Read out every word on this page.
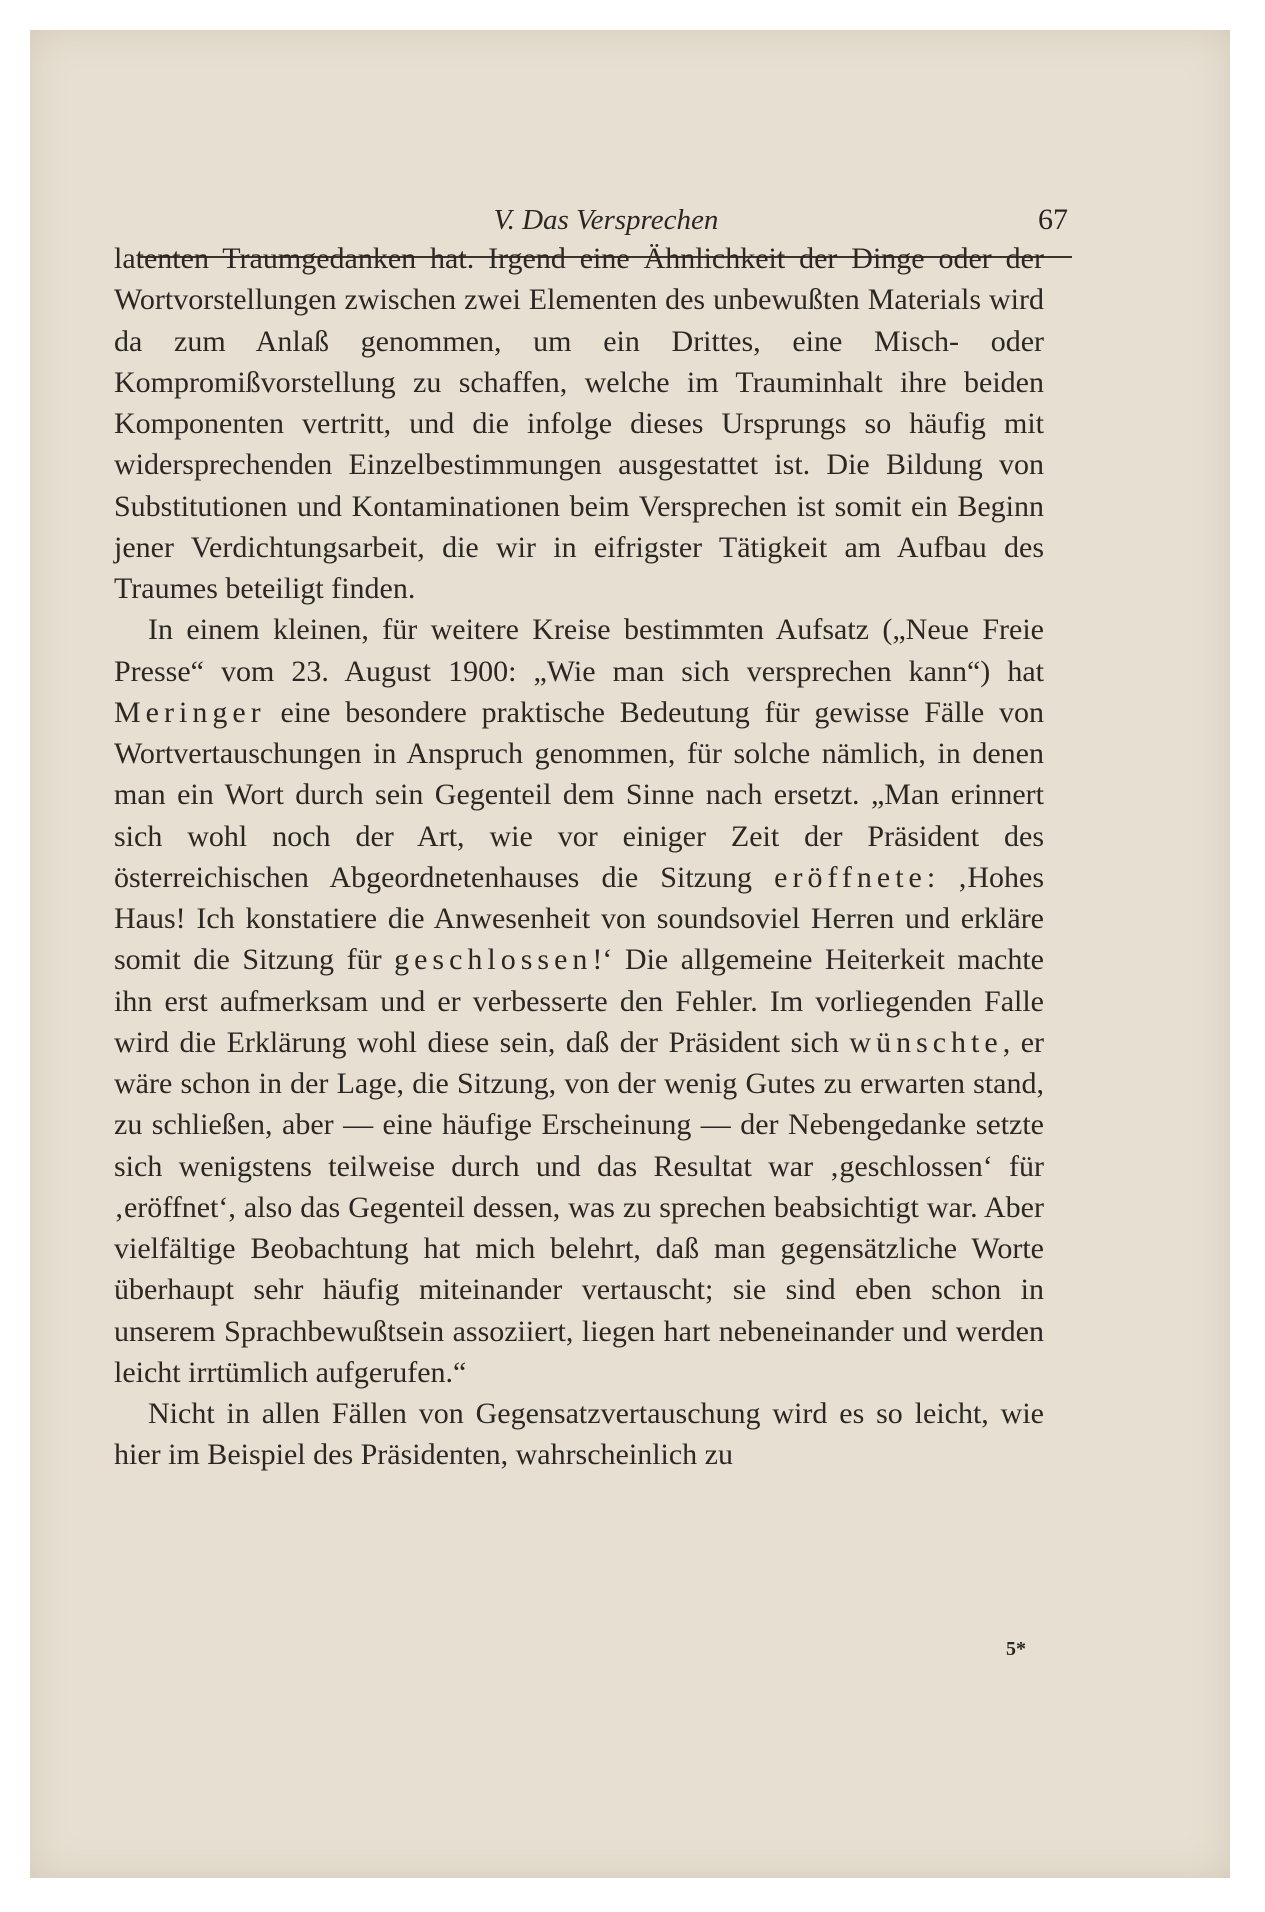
V. Das Versprechen	67

latenten Traumgedanken hat. Irgend eine Ähnlichkeit der Dinge oder der Wortvorstellungen zwischen zwei Elementen des unbewußten Materials wird da zum Anlaß genommen, um ein Drittes, eine Misch- oder Kompromißvorstellung zu schaffen, welche im Trauminhalt ihre beiden Komponenten vertritt, und die infolge dieses Ursprungs so häufig mit widersprechenden Einzelbestimmungen ausgestattet ist. Die Bildung von Substitutionen und Kontaminationen beim Versprechen ist somit ein Beginn jener Verdichtungsarbeit, die wir in eifrigster Tätigkeit am Aufbau des Traumes beteiligt finden.

In einem kleinen, für weitere Kreise bestimmten Aufsatz („Neue Freie Presse“ vom 23. August 1900: „Wie man sich versprechen kann“) hat Meringer eine besondere praktische Bedeutung für gewisse Fälle von Wortvertauschungen in Anspruch genommen, für solche nämlich, in denen man ein Wort durch sein Gegenteil dem Sinne nach ersetzt. „Man erinnert sich wohl noch der Art, wie vor einiger Zeit der Präsident des österreichischen Abgeordnetenhauses die Sitzung eröffnete: ‚Hohes Haus! Ich konstatiere die Anwesenheit von soundsoviel Herren und erkläre somit die Sitzung für geschlossen!‘ Die allgemeine Heiterkeit machte ihn erst aufmerksam und er verbesserte den Fehler. Im vorliegenden Falle wird die Erklärung wohl diese sein, daß der Präsident sich wünschte, er wäre schon in der Lage, die Sitzung, von der wenig Gutes zu erwarten stand, zu schließen, aber — eine häufige Erscheinung — der Nebengedanke setzte sich wenigstens teilweise durch und das Resultat war ‚geschlossen‘ für ‚eröffnet‘, also das Gegenteil dessen, was zu sprechen beabsichtigt war. Aber vielfältige Beobachtung hat mich belehrt, daß man gegensätzliche Worte überhaupt sehr häufig miteinander vertauscht; sie sind eben schon in unserem Sprachbewußtsein assoziiert, liegen hart nebeneinander und werden leicht irrtümlich aufgerufen.“

Nicht in allen Fällen von Gegensatzvertauschung wird es so leicht, wie hier im Beispiel des Präsidenten, wahrscheinlich zu

5*
